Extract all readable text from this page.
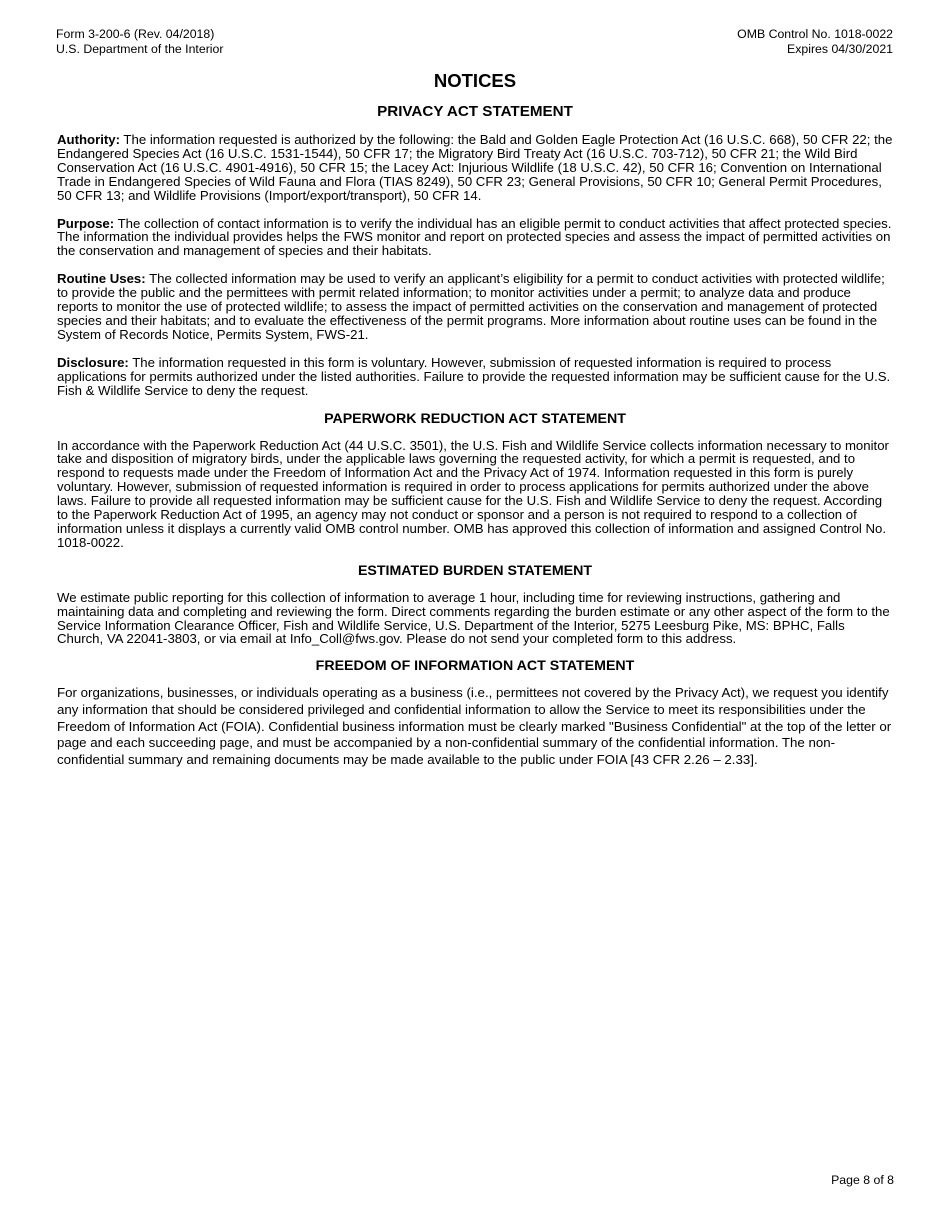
Form 3-200-6 (Rev. 04/2018)
U.S. Department of the Interior
OMB Control No. 1018-0022
Expires 04/30/2021
NOTICES
PRIVACY ACT STATEMENT

Authority: The information requested is authorized by the following: the Bald and Golden Eagle Protection Act (16 U.S.C. 668), 50 CFR 22; the Endangered Species Act (16 U.S.C. 1531-1544), 50 CFR 17; the Migratory Bird Treaty Act (16 U.S.C. 703-712), 50 CFR 21; the Wild Bird Conservation Act (16 U.S.C. 4901-4916), 50 CFR 15; the Lacey Act: Injurious Wildlife (18 U.S.C. 42), 50 CFR 16; Convention on International Trade in Endangered Species of Wild Fauna and Flora (TIAS 8249), 50 CFR 23; General Provisions, 50 CFR 10; General Permit Procedures, 50 CFR 13; and Wildlife Provisions (Import/export/transport), 50 CFR 14.

Purpose: The collection of contact information is to verify the individual has an eligible permit to conduct activities that affect protected species. The information the individual provides helps the FWS monitor and report on protected species and assess the impact of permitted activities on the conservation and management of species and their habitats.

Routine Uses: The collected information may be used to verify an applicant’s eligibility for a permit to conduct activities with protected wildlife; to provide the public and the permittees with permit related information; to monitor activities under a permit; to analyze data and produce reports to monitor the use of protected wildlife; to assess the impact of permitted activities on the conservation and management of protected species and their habitats; and to evaluate the effectiveness of the permit programs. More information about routine uses can be found in the System of Records Notice, Permits System, FWS-21.

Disclosure: The information requested in this form is voluntary. However, submission of requested information is required to process applications for permits authorized under the listed authorities. Failure to provide the requested information may be sufficient cause for the U.S. Fish & Wildlife Service to deny the request.

PAPERWORK REDUCTION ACT STATEMENT

In accordance with the Paperwork Reduction Act (44 U.S.C. 3501), the U.S. Fish and Wildlife Service collects information necessary to monitor take and disposition of migratory birds, under the applicable laws governing the requested activity, for which a permit is requested, and to respond to requests made under the Freedom of Information Act and the Privacy Act of 1974. Information requested in this form is purely voluntary. However, submission of requested information is required in order to process applications for permits authorized under the above laws. Failure to provide all requested information may be sufficient cause for the U.S. Fish and Wildlife Service to deny the request. According to the Paperwork Reduction Act of 1995, an agency may not conduct or sponsor and a person is not required to respond to a collection of information unless it displays a currently valid OMB control number. OMB has approved this collection of information and assigned Control No. 1018-0022.

ESTIMATED BURDEN STATEMENT

We estimate public reporting for this collection of information to average 1 hour, including time for reviewing instructions, gathering and maintaining data and completing and reviewing the form. Direct comments regarding the burden estimate or any other aspect of the form to the Service Information Clearance Officer, Fish and Wildlife Service, U.S. Department of the Interior, 5275 Leesburg Pike, MS: BPHC, Falls Church, VA 22041-3803, or via email at Info_Coll@fws.gov. Please do not send your completed form to this address.

FREEDOM OF INFORMATION ACT STATEMENT

For organizations, businesses, or individuals operating as a business (i.e., permittees not covered by the Privacy Act), we request you identify any information that should be considered privileged and confidential information to allow the Service to meet its responsibilities under the Freedom of Information Act (FOIA). Confidential business information must be clearly marked "Business Confidential" at the top of the letter or page and each succeeding page, and must be accompanied by a non-confidential summary of the confidential information. The non-confidential summary and remaining documents may be made available to the public under FOIA [43 CFR 2.26 – 2.33].

Page 8 of 8
